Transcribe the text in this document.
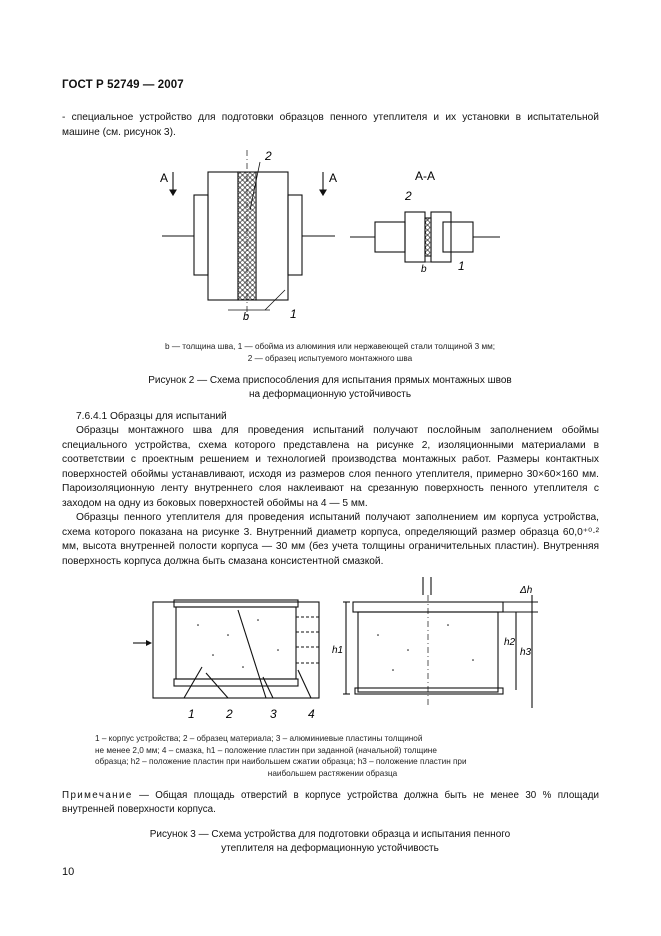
ГОСТ Р 52749 — 2007
- специальное устройство для подготовки образцов пенного утеплителя и их установки в испытательной машине (см. рисунок 3).
A	A
2
1
b
А-А
2
1
b
b — толщина шва, 1 — обойма из алюминия или нержавеющей стали толщиной 3 мм;
2 — образец испытуемого монтажного шва
Рисунок 2 — Схема приспособления для испытания прямых монтажных швов
на деформационную устойчивость
7.6.4.1 Образцы для испытаний
Образцы монтажного шва для проведения испытаний получают послойным заполнением обоймы специального устройства, схема которого представлена на рисунке 2, изоляционными материалами в соответствии с проектным решением и технологией производства монтажных работ. Размеры контактных поверхностей обоймы устанавливают, исходя из размеров слоя пенного утеплителя, примерно 30×60×160 мм. Пароизоляционную ленту внутреннего слоя наклеивают на срезанную поверхность пенного утеплителя с заходом на одну из боковых поверхностей обоймы на 4 — 5 мм.
Образцы пенного утеплителя для проведения испытаний получают заполнением им корпуса устройства, схема которого показана на рисунке 3. Внутренний диаметр корпуса, определяющий размер образца 60,0⁺⁰·² мм, высота внутренней полости корпуса — 30 мм (без учета толщины ограничительных пластин). Внутренняя поверхность корпуса должна быть смазана консистентной смазкой.
1	2	3	4
h1
h2
h3
Δh
1 – корпус устройства; 2 – образец материала; 3 – алюминиевые пластины толщиной
не менее 2,0 мм; 4 – смазка, h1 – положение пластин при заданной (начальной) толщине
образца; h2 – положение пластин при наибольшем сжатии образца; h3 – положение пластин при
наибольшем растяжении образца
Примечание — Общая площадь отверстий в корпусе устройства должна быть не менее 30 % площади внутренней поверхности корпуса.
Рисунок 3 — Схема устройства для подготовки образца и испытания пенного
утеплителя на деформационную устойчивость
10
